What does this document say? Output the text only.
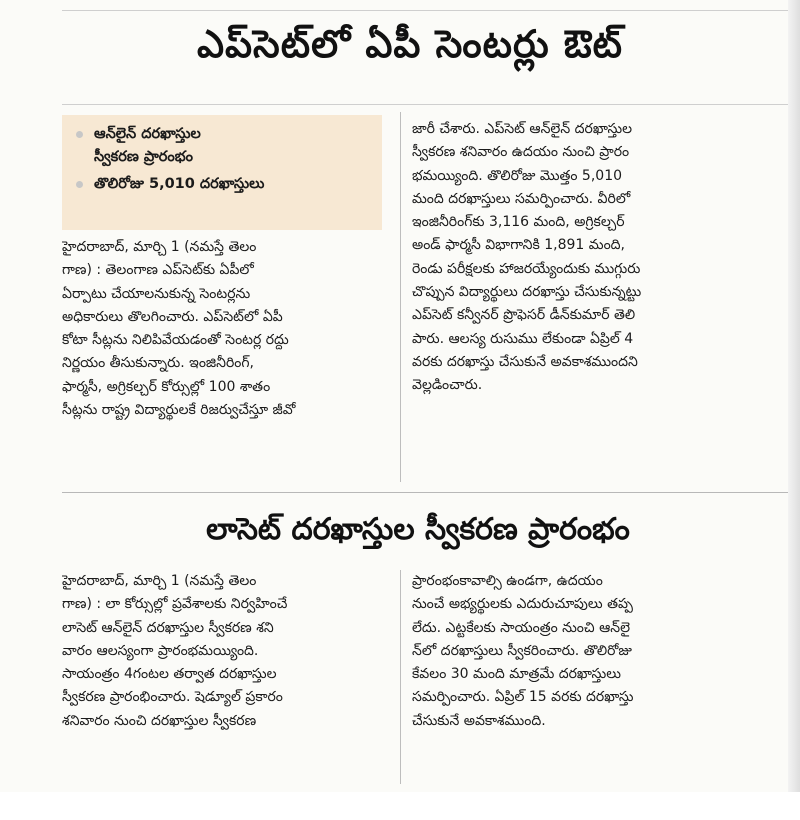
ఎప్‌సెట్‌లో ఏపీ సెంటర్లు ఔట్
ఆన్‌లైన్ దరఖాస్తుల
స్వీకరణ ప్రారంభం
తొలిరోజు 5,010 దరఖాస్తులు
హైదరాబాద్, మార్చి 1 (నమస్తే తెలం
గాణ) : తెలంగాణ ఎప్‌సెట్‌కు ఏపీలో
ఏర్పాటు చేయాలనుకున్న సెంటర్లను
అధికారులు తొలగించారు. ఎప్‌సెట్‌లో ఏపీ
కోటా సీట్లను నిలిపివేయడంతో సెంటర్ల రద్దు
నిర్ణయం తీసుకున్నారు. ఇంజినీరింగ్,
ఫార్మసీ, అగ్రికల్చర్ కోర్సుల్లో 100 శాతం
సీట్లను రాష్ట్ర విద్యార్థులకే రిజర్వుచేస్తూ జీవో
జారీ చేశారు. ఎప్‌సెట్ ఆన్‌లైన్ దరఖాస్తుల
స్వీకరణ శనివారం ఉదయం నుంచి ప్రారం
భమయ్యింది. తొలిరోజు మొత్తం 5,010
మంది దరఖాస్తులు సమర్పించారు. వీరిలో
ఇంజినీరింగ్‌కు 3,116 మంది, అగ్రికల్చర్
అండ్ ఫార్మసీ విభాగానికి 1,891 మంది,
రెండు పరీక్షలకు హాజరయ్యేందుకు ముగ్గురు
చొప్పున విద్యార్థులు దరఖాస్తు చేసుకున్నట్టు
ఎప్‌సెట్ కన్వీనర్ ప్రొఫెసర్ డీన్‌కుమార్ తెలి
పారు. ఆలస్య రుసుము లేకుండా ఏప్రిల్ 4
వరకు దరఖాస్తు చేసుకునే అవకాశముందని
వెల్లడించారు.
లాసెట్ దరఖాస్తుల స్వీకరణ ప్రారంభం
హైదరాబాద్, మార్చి 1 (నమస్తే తెలం
గాణ) : లా కోర్సుల్లో ప్రవేశాలకు నిర్వహించే
లాసెట్ ఆన్‌లైన్ దరఖాస్తుల స్వీకరణ శని
వారం ఆలస్యంగా ప్రారంభమయ్యింది.
సాయంత్రం 4గంటల తర్వాత దరఖాస్తుల
స్వీకరణ ప్రారంభించారు. షెడ్యూల్ ప్రకారం
శనివారం నుంచి దరఖాస్తుల స్వీకరణ
ప్రారంభంకావాల్సి ఉండగా, ఉదయం
నుంచే అభ్యర్థులకు ఎదురుచూపులు తప్ప
లేదు. ఎట్టకేలకు సాయంత్రం నుంచి ఆన్‌లై
న్‌లో దరఖాస్తులు స్వీకరించారు. తొలిరోజు
కేవలం 30 మంది మాత్రమే దరఖాస్తులు
సమర్పించారు. ఏప్రిల్ 15 వరకు దరఖాస్తు
చేసుకునే అవకాశముంది.
